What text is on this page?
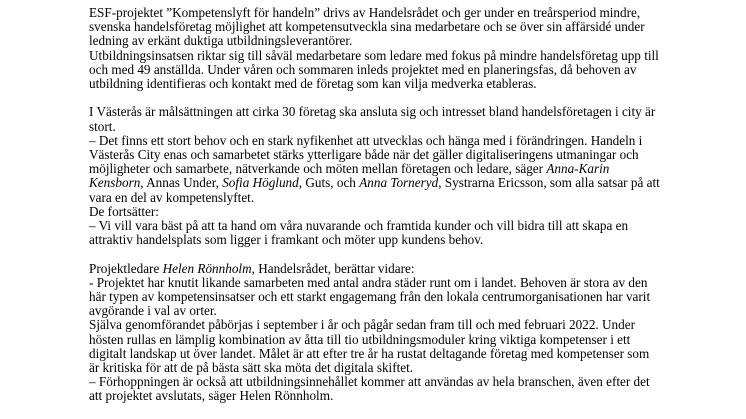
ESF-projektet ”Kompetenslyft för handeln” drivs av Handelsrådet och ger under en treårsperiod mindre, svenska handelsföretag möjlighet att kompetensutveckla sina medarbetare och se över sin affärsidé under ledning av erkänt duktiga utbildningsleverantörer.

Utbildningsinsatsen riktar sig till såväl medarbetare som ledare med fokus på mindre handelsföretag upp till och med 49 anställda. Under våren och sommaren inleds projektet med en planeringsfas, då behoven av utbildning identifieras och kontakt med de företag som kan vilja medverka etableras.

I Västerås är målsättningen att cirka 30 företag ska ansluta sig och intresset bland handelsföretagen i city är stort.
– Det finns ett stort behov och en stark nyfikenhet att utvecklas och hänga med i förändringen. Handeln i Västerås City enas och samarbetet stärks ytterligare både när det gäller digitaliseringens utmaningar och möjligheter och samarbete, nätverkande och möten mellan företagen och ledare, säger Anna-Karin Kensborn, Annas Under, Sofia Höglund, Guts, och Anna Torneryd, Systrarna Ericsson, som alla satsar på att vara en del av kompetenslyftet.
De fortsätter:
– Vi vill vara bäst på att ta hand om våra nuvarande och framtida kunder och vill bidra till att skapa en attraktiv handelsplats som ligger i framkant och möter upp kundens behov.

Projektledare Helen Rönnholm, Handelsrådet, berättar vidare:
- Projektet har knutit likande samarbeten med antal andra städer runt om i landet. Behoven är stora av den här typen av kompetensinsatser och ett starkt engagemang från den lokala centrumorganisationen har varit avgörande i val av orter.
Själva genomförandet påbörjas i september i år och pågår sedan fram till och med februari 2022. Under hösten rullas en lämplig kombination av åtta till tio utbildningsmoduler kring viktiga kompetenser i ett digitalt landskap ut över landet. Målet är att efter tre år ha rustat deltagande företag med kompetenser som är kritiska för att de på bästa sätt ska möta det digitala skiftet.
– Förhoppningen är också att utbildningsinnehållet kommer att användas av hela branschen, även efter det att projektet avslutats, säger Helen Rönnholm.
